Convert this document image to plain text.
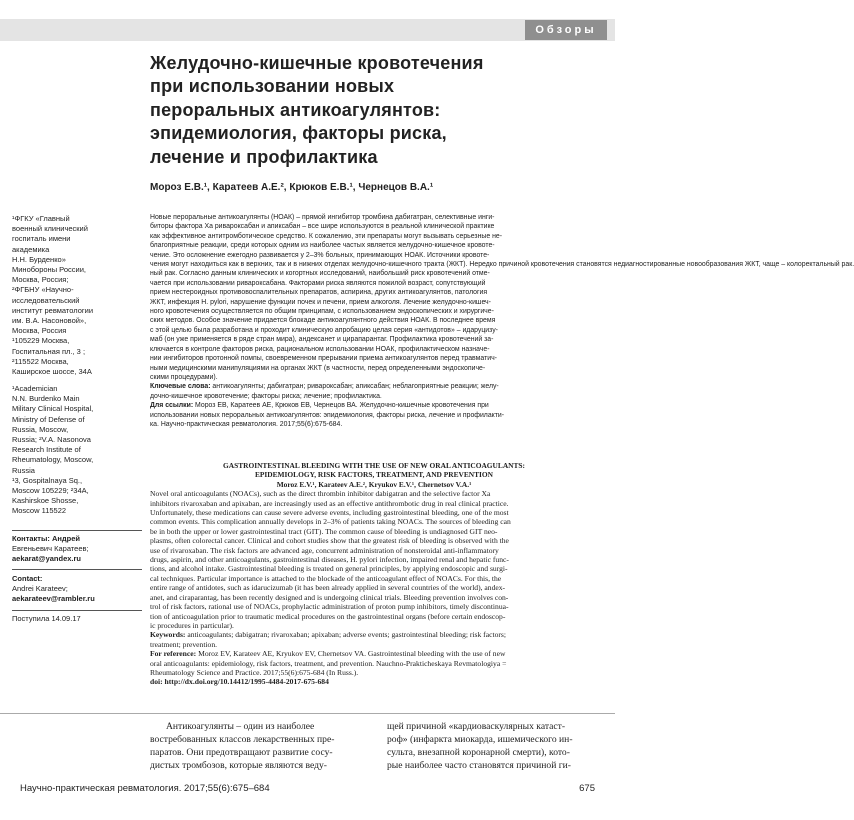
Обзоры
Желудочно-кишечные кровотечения
при использовании новых
пероральных антикоагулянтов:
эпидемиология, факторы риска,
лечение и профилактика
Мороз Е.В.¹, Каратеев А.Е.², Крюков Е.В.¹, Чернецов В.А.¹
¹ФГКУ «Главный
военный клинический
госпиталь имени
академика
Н.Н. Бурденко»
Минобороны России,
Москва, Россия;
²ФГБНУ «Научно-
исследовательский
институт ревматологии
им. В.А. Насоновой»,
Москва, Россия
¹105229 Москва,
Госпитальная пл., 3 ;
²115522 Москва,
Каширское шоссе, 34А
¹Academician
N.N. Burdenko Main
Military Clinical Hospital,
Ministry of Defense of
Russia, Moscow,
Russia; ²V.A. Nasonova
Research Institute of
Rheumatology, Moscow,
Russia
¹3, Gospitalnaya Sq.,
Moscow 105229; ²34A,
Kashirskoe Shosse,
Moscow 115522
Контакты: Андрей
Евгеньевич Каратеев;
aekarat@yandex.ru
Contact:
Andrei Karateev;
aekarateev@rambler.ru
Поступила 14.09.17
Новые пероральные антикоагулянты (НОАК) – прямой ингибитор тромбина дабигатран, селективные инги-
биторы фактора Xa ривароксабан и апиксабан – все шире используются в реальной клинической практике
как эффективное антитромботическое средство. К сожалению, эти препараты могут вызывать серьезные не-
благоприятные реакции, среди которых одним из наиболее частых является желудочно-кишечное кровоте-
чение. Это осложнение ежегодно развивается у 2–3% больных, принимающих НОАК. Источники кровоте-
чения могут находиться как в верхних, так и в нижних отделах желудочно-кишечного тракта (ЖКТ). Нередко причиной кровотечения становятся недиагностированные новообразования ЖКТ, чаще – колоректальный рак.
ный рак. Согласно данным клинических и когортных исследований, наибольший риск кровотечений отме-
чается при использовании ривароксабана. Факторами риска являются пожилой возраст, сопутствующий
прием нестероидных противовоспалительных препаратов, аспирина, других антикоагулянтов, патология
ЖКТ, инфекция H. pylori, нарушение функции почек и печени, прием алкоголя. Лечение желудочно-кишеч-
ного кровотечения осуществляется по общим принципам, с использованием эндоскопических и хирургиче-
ских методов. Особое значение придается блокаде антикоагулянтного действия НОАК. В последнее время
с этой целью была разработана и проходит клиническую апробацию целая серия «антидотов» – идаруцизу-
маб (он уже применяется в ряде стран мира), андексанет и цирапарантаг. Профилактика кровотечений за-
ключается в контроле факторов риска, рациональном использовании НОАК, профилактическом назначе-
нии ингибиторов протонной помпы, своевременном прерывании приема антикоагулянтов перед травматич-
ными медицинскими манипуляциями на органах ЖКТ (в частности, перед определенными эндоскопиче-
скими процедурами).
Ключевые слова: антикоагулянты; дабигатран; ривароксабан; апиксабан; неблагоприятные реакции; желу-
дочно-кишечное кровотечение; факторы риска; лечение; профилактика.
Для ссылки: Мороз ЕВ, Каратеев АЕ, Крюков ЕВ, Чернецов ВА. Желудочно-кишечные кровотечения при
использовании новых пероральных антикоагулянтов: эпидемиология, факторы риска, лечение и профилакти-
ка. Научно-практическая ревматология. 2017;55(6):675-684.
GASTROINTESTINAL BLEEDING WITH THE USE OF NEW ORAL ANTICOAGULANTS:
EPIDEMIOLOGY, RISK FACTORS, TREATMENT, AND PREVENTION
Moroz E.V.¹, Karateev A.E.², Kryukov E.V.¹, Chernetsov V.A.¹
Novel oral anticoagulants (NOACs), such as the direct thrombin inhibitor dabigatran and the selective factor Xa
inhibitors rivaroxaban and apixaban, are increasingly used as an effective antithrombotic drug in real clinical practice.
Unfortunately, these medications can cause severe adverse events, including gastrointestinal bleeding, one of the most
common events. This complication annually develops in 2–3% of patients taking NOACs. The sources of bleeding can
be in both the upper or lower gastrointestinal tract (GIT). The common cause of bleeding is undiagnosed GIT neo-
plasms, often colorectal cancer. Clinical and cohort studies show that the greatest risk of bleeding is observed with the
use of rivaroxaban. The risk factors are advanced age, concurrent administration of nonsteroidal anti-inflammatory
drugs, aspirin, and other anticoagulants, gastrointestinal diseases, H. pylori infection, impaired renal and hepatic func-
tions, and alcohol intake. Gastrointestinal bleeding is treated on general principles, by applying endoscopic and surgi-
cal techniques. Particular importance is attached to the blockade of the anticoagulant effect of NOACs. For this, the
entire range of antidotes, such as idarucizumab (it has been already applied in several countries of the world), andex-
anet, and ciraparantag, has been recently designed and is undergoing clinical trials. Bleeding prevention involves con-
trol of risk factors, rational use of NOACs, prophylactic administration of proton pump inhibitors, timely discontinua-
tion of anticoagulation prior to traumatic medical procedures on the gastrointestinal organs (before certain endoscop-
ic procedures in particular).
Keywords: anticoagulants; dabigatran; rivaroxaban; apixaban; adverse events; gastrointestinal bleeding; risk factors;
treatment; prevention.
For reference: Moroz EV, Karateev AE, Kryukov EV, Chernetsov VA. Gastrointestinal bleeding with the use of new
oral anticoagulants: epidemiology, risk factors, treatment, and prevention. Nauchno-Prakticheskaya Revmatologiya =
Rheumatology Science and Practice. 2017;55(6):675-684 (In Russ.).
doi: http://dx.doi.org/10.14412/1995-4484-2017-675-684
Антикоагулянты – один из наиболее
востребованных классов лекарственных пре-
паратов. Они предотвращают развитие сосу-
дистых тромбозов, которые являются веду-
щей причиной «кардиоваскулярных катаст-
роф» (инфаркта миокарда, ишемического ин-
сульта, внезапной коронарной смерти), кото-
рые наиболее часто становятся причиной ги-
Научно-практическая ревматология. 2017;55(6):675–684	675
